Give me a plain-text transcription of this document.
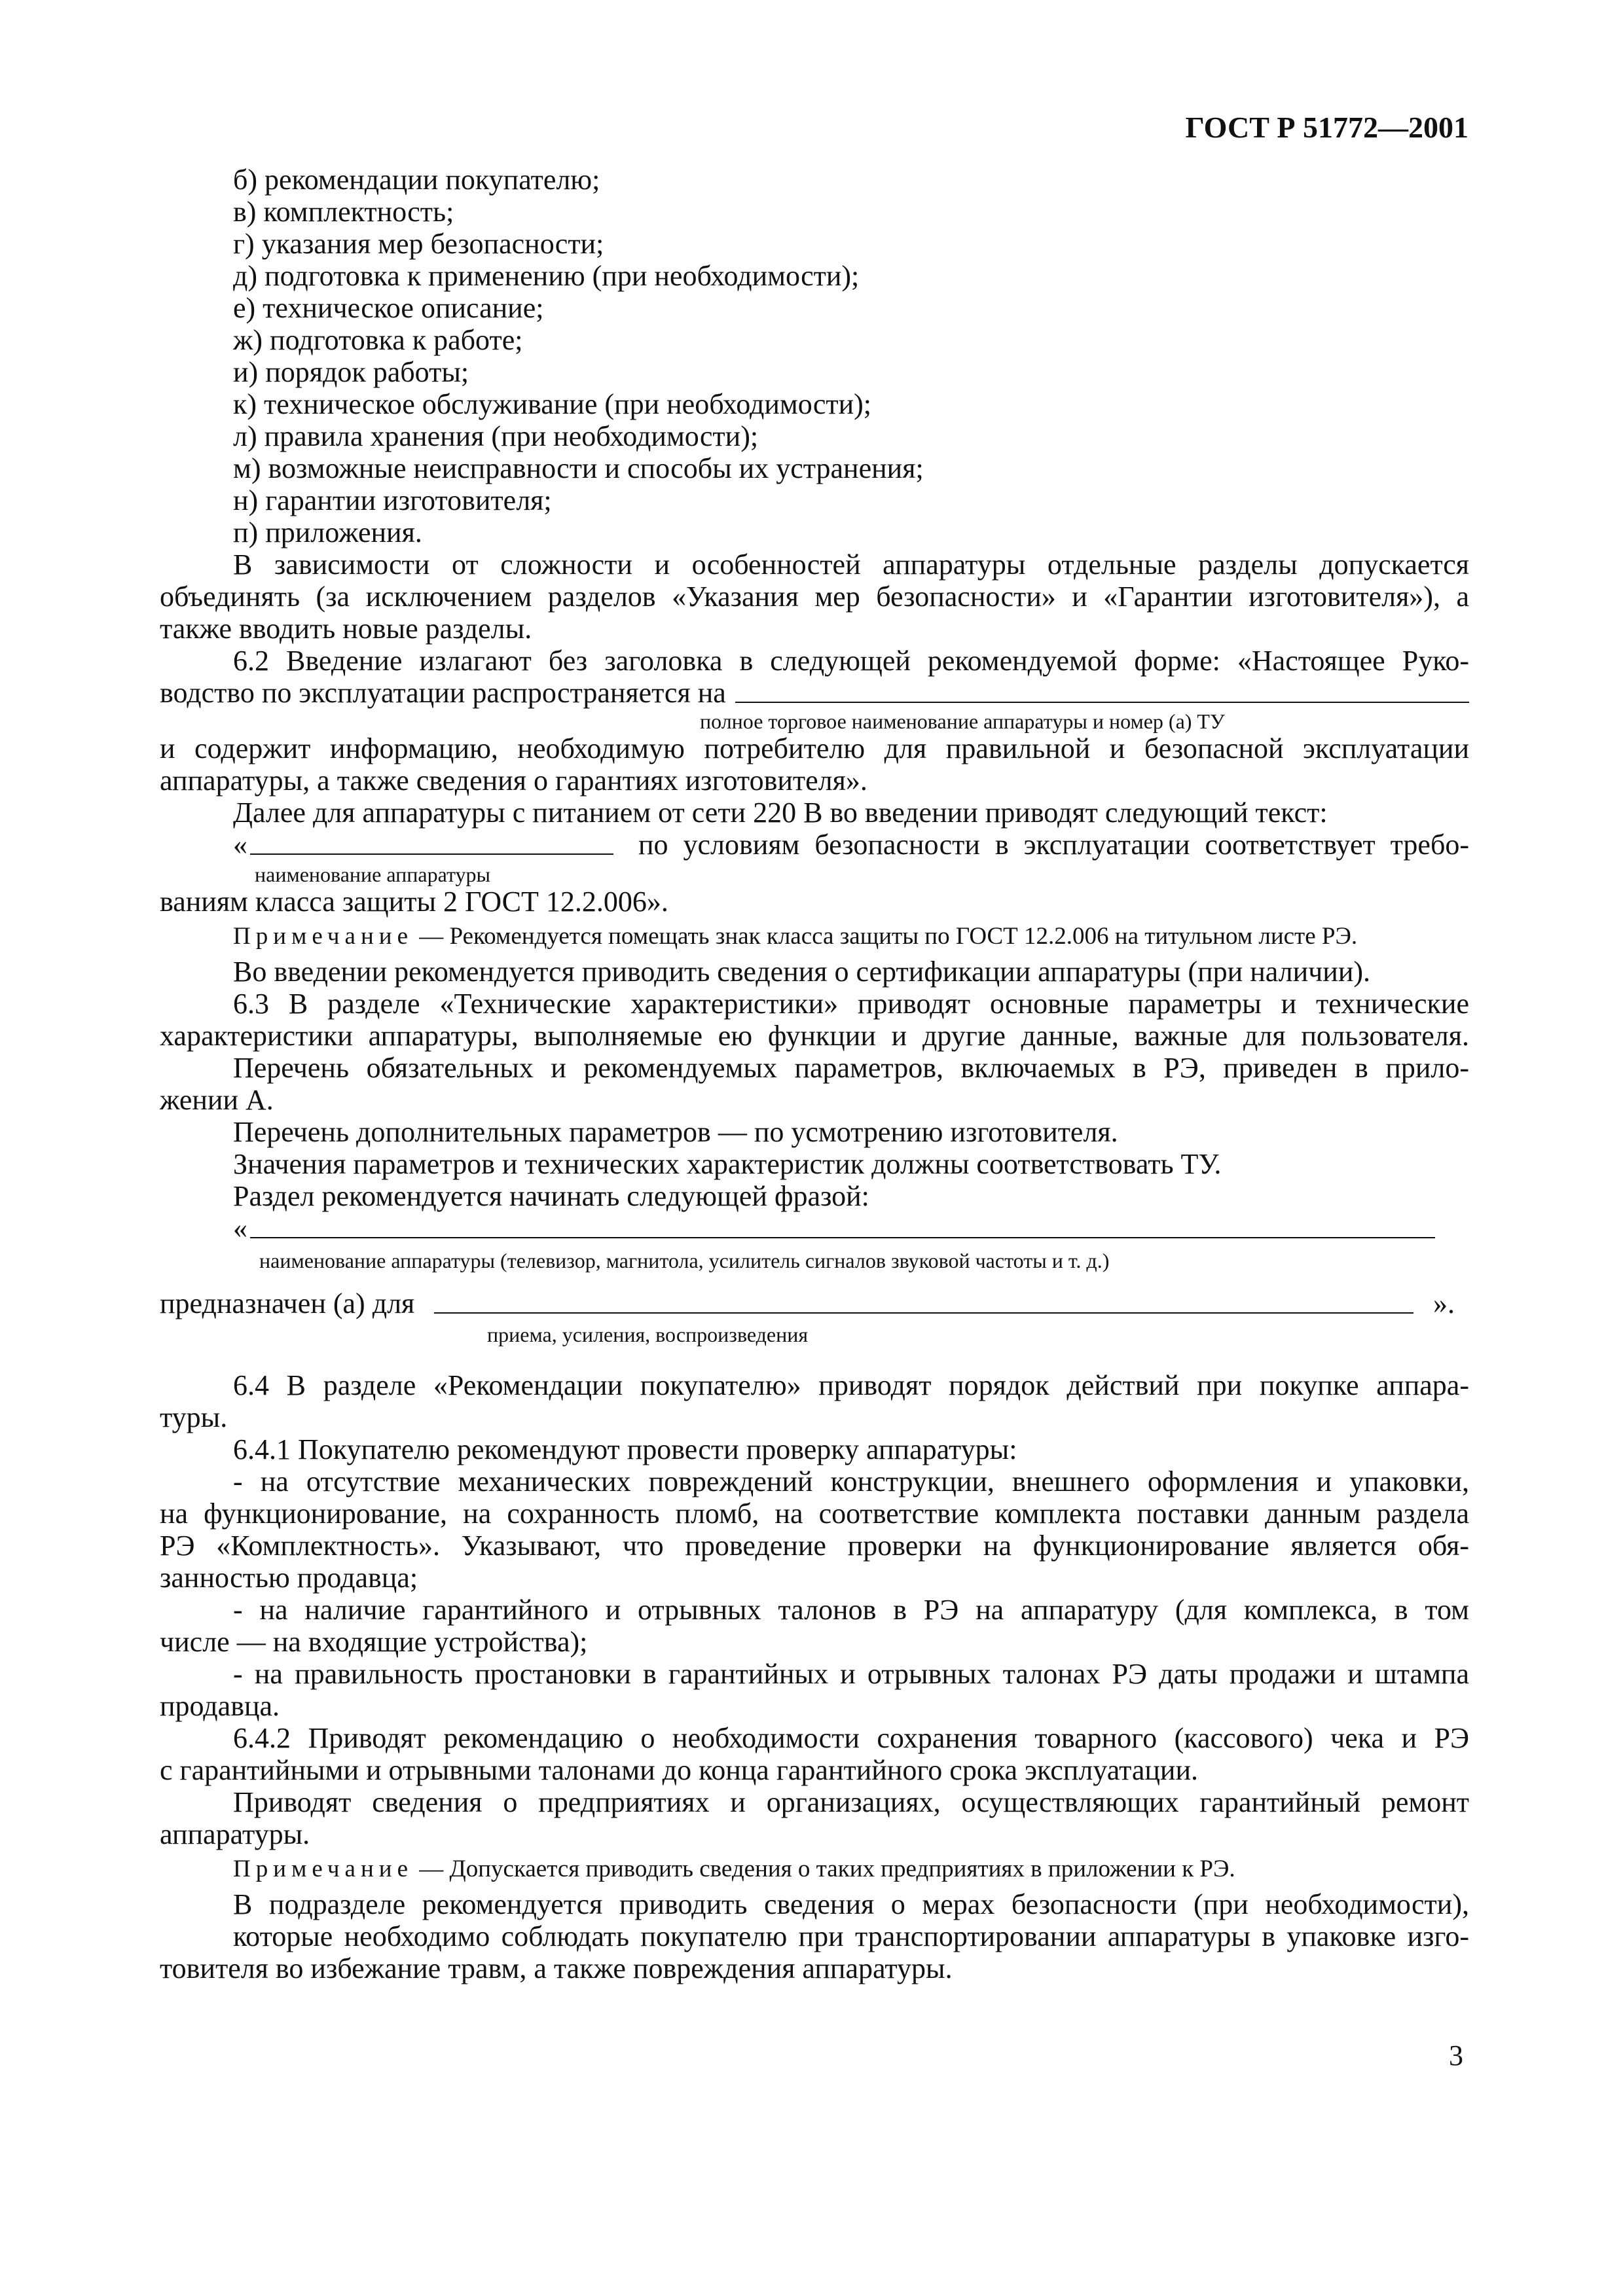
ГОСТ Р 51772—2001
б) рекомендации покупателю;
в) комплектность;
г) указания мер безопасности;
д) подготовка к применению (при необходимости);
е) техническое описание;
ж) подготовка к работе;
и) порядок работы;
к) техническое обслуживание (при необходимости);
л) правила хранения (при необходимости);
м) возможные неисправности и способы их устранения;
н) гарантии изготовителя;
п) приложения.
В зависимости от сложности и особенностей аппаратуры отдельные разделы допускается
объединять (за исключением разделов «Указания мер безопасности» и «Гарантии изготовителя»), а
также вводить новые разделы.
6.2 Введение излагают без заголовка в следующей рекомендуемой форме: «Настоящее Руко-
водство по эксплуатации распространяется на
полное торговое наименование аппаратуры и номер (а) ТУ
и содержит информацию, необходимую потребителю для правильной и безопасной эксплуатации
аппаратуры, а также сведения о гарантиях изготовителя».
Далее для аппаратуры с питанием от сети 220 В во введении приводят следующий текст:
«	по условиям безопасности в эксплуатации соответствует требо-
наименование аппаратуры
ваниям класса защиты 2 ГОСТ 12.2.006».
Примечание — Рекомендуется помещать знак класса защиты по ГОСТ 12.2.006 на титульном листе РЭ.
Во введении рекомендуется приводить сведения о сертификации аппаратуры (при наличии).
6.3 В разделе «Технические характеристики» приводят основные параметры и технические
характеристики аппаратуры, выполняемые ею функции и другие данные, важные для пользователя.
Перечень обязательных и рекомендуемых параметров, включаемых в РЭ, приведен в прило-
жении А.
Перечень дополнительных параметров — по усмотрению изготовителя.
Значения параметров и технических характеристик должны соответствовать ТУ.
Раздел рекомендуется начинать следующей фразой:
«
наименование аппаратуры (телевизор, магнитола, усилитель сигналов звуковой частоты и т. д.)
предназначен (а) для	».
приема, усиления, воспроизведения
6.4 В разделе «Рекомендации покупателю» приводят порядок действий при покупке аппара-
туры.
6.4.1 Покупателю рекомендуют провести проверку аппаратуры:
- на отсутствие механических повреждений конструкции, внешнего оформления и упаковки,
на функционирование, на сохранность пломб, на соответствие комплекта поставки данным раздела
РЭ «Комплектность». Указывают, что проведение проверки на функционирование является обя-
занностью продавца;
- на наличие гарантийного и отрывных талонов в РЭ на аппаратуру (для комплекса, в том
числе — на входящие устройства);
- на правильность простановки в гарантийных и отрывных талонах РЭ даты продажи и штампа
продавца.
6.4.2 Приводят рекомендацию о необходимости сохранения товарного (кассового) чека и РЭ
с гарантийными и отрывными талонами до конца гарантийного срока эксплуатации.
Приводят сведения о предприятиях и организациях, осуществляющих гарантийный ремонт
аппаратуры.
Примечание — Допускается приводить сведения о таких предприятиях в приложении к РЭ.
В подразделе рекомендуется приводить сведения о мерах безопасности (при необходимости),
которые необходимо соблюдать покупателю при транспортировании аппаратуры в упаковке изго-
товителя во избежание травм, а также повреждения аппаратуры.
3
